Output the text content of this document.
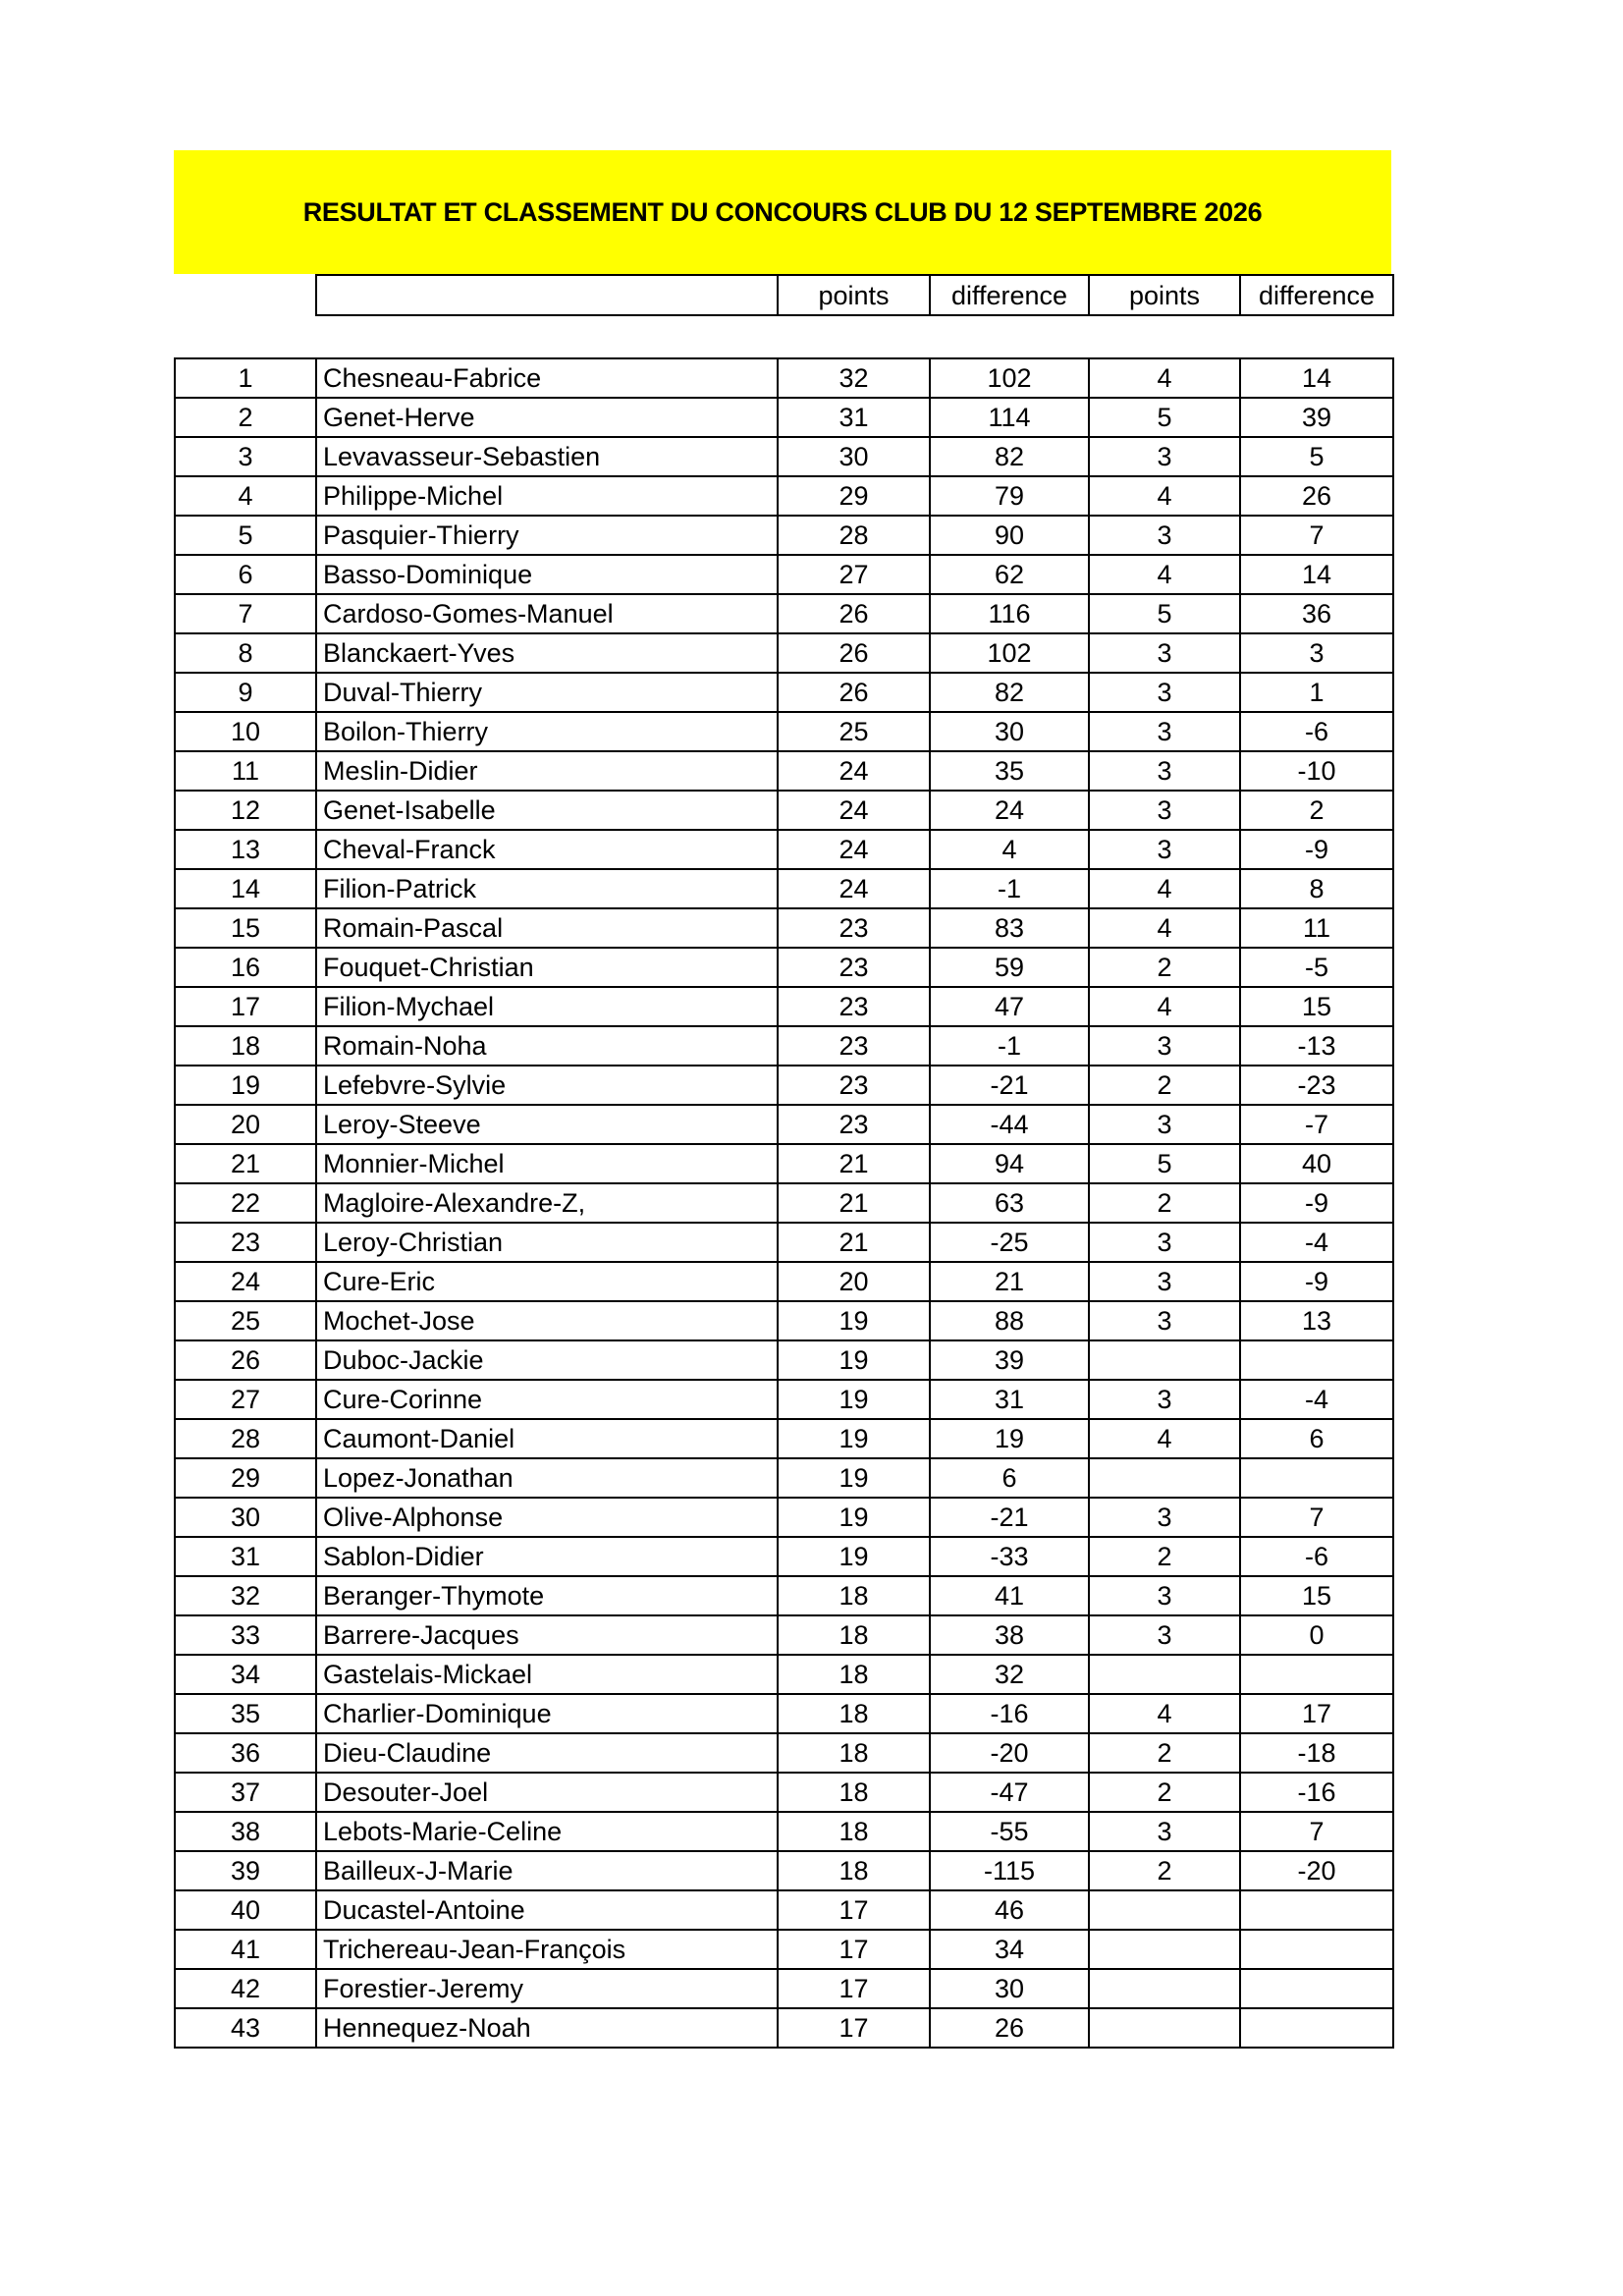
RESULTAT ET CLASSEMENT DU CONCOURS CLUB DU 12 SEPTEMBRE 2026
	points	difference	points	difference
1	Chesneau-Fabrice	32	102	4	14
2	Genet-Herve	31	114	5	39
3	Levavasseur-Sebastien	30	82	3	5
4	Philippe-Michel	29	79	4	26
5	Pasquier-Thierry	28	90	3	7
6	Basso-Dominique	27	62	4	14
7	Cardoso-Gomes-Manuel	26	116	5	36
8	Blanckaert-Yves	26	102	3	3
9	Duval-Thierry	26	82	3	1
10	Boilon-Thierry	25	30	3	-6
11	Meslin-Didier	24	35	3	-10
12	Genet-Isabelle	24	24	3	2
13	Cheval-Franck	24	4	3	-9
14	Filion-Patrick	24	-1	4	8
15	Romain-Pascal	23	83	4	11
16	Fouquet-Christian	23	59	2	-5
17	Filion-Mychael	23	47	4	15
18	Romain-Noha	23	-1	3	-13
19	Lefebvre-Sylvie	23	-21	2	-23
20	Leroy-Steeve	23	-44	3	-7
21	Monnier-Michel	21	94	5	40
22	Magloire-Alexandre-Z,	21	63	2	-9
23	Leroy-Christian	21	-25	3	-4
24	Cure-Eric	20	21	3	-9
25	Mochet-Jose	19	88	3	13
26	Duboc-Jackie	19	39		
27	Cure-Corinne	19	31	3	-4
28	Caumont-Daniel	19	19	4	6
29	Lopez-Jonathan	19	6		
30	Olive-Alphonse	19	-21	3	7
31	Sablon-Didier	19	-33	2	-6
32	Beranger-Thymote	18	41	3	15
33	Barrere-Jacques	18	38	3	0
34	Gastelais-Mickael	18	32		
35	Charlier-Dominique	18	-16	4	17
36	Dieu-Claudine	18	-20	2	-18
37	Desouter-Joel	18	-47	2	-16
38	Lebots-Marie-Celine	18	-55	3	7
39	Bailleux-J-Marie	18	-115	2	-20
40	Ducastel-Antoine	17	46		
41	Trichereau-Jean-François	17	34		
42	Forestier-Jeremy	17	30		
43	Hennequez-Noah	17	26		
